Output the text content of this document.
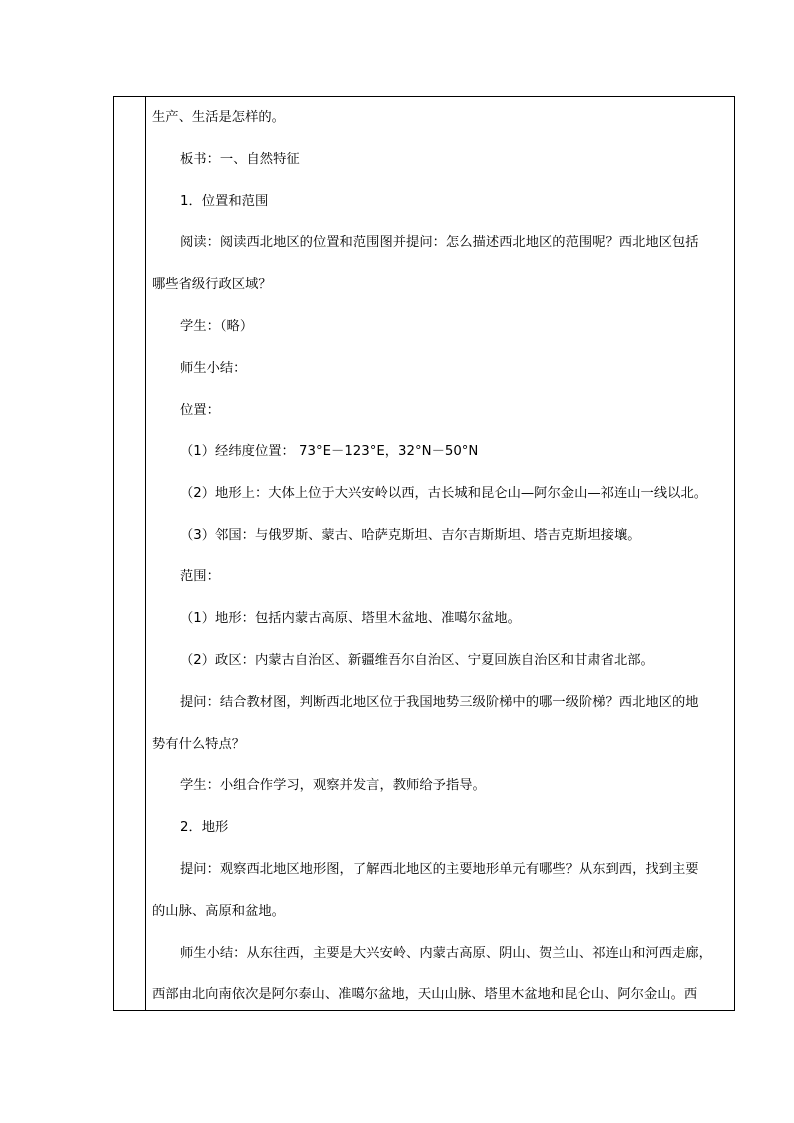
生产、生活是怎样的。
板书：一、自然特征
1．位置和范围
阅读：阅读西北地区的位置和范围图并提问：怎么描述西北地区的范围呢？西北地区包括
哪些省级行政区域？
学生：（略）
师生小结：
位置：
（1）经纬度位置： 73°E－123°E，32°N－50°N
（2）地形上：大体上位于大兴安岭以西，古长城和昆仑山—阿尔金山—祁连山一线以北。
（3）邻国：与俄罗斯、蒙古、哈萨克斯坦、吉尔吉斯斯坦、塔吉克斯坦接壤。
范围：
（1）地形：包括内蒙古高原、塔里木盆地、准噶尔盆地。
（2）政区：内蒙古自治区、新疆维吾尔自治区、宁夏回族自治区和甘肃省北部。
提问：结合教材图，判断西北地区位于我国地势三级阶梯中的哪一级阶梯？西北地区的地
势有什么特点？
学生：小组合作学习，观察并发言，教师给予指导。
2．地形
提问：观察西北地区地形图，了解西北地区的主要地形单元有哪些？从东到西，找到主要
的山脉、高原和盆地。
师生小结：从东往西，主要是大兴安岭、内蒙古高原、阴山、贺兰山、祁连山和河西走廊，
西部由北向南依次是阿尔泰山、准噶尔盆地，天山山脉、塔里木盆地和昆仑山、阿尔金山。西
